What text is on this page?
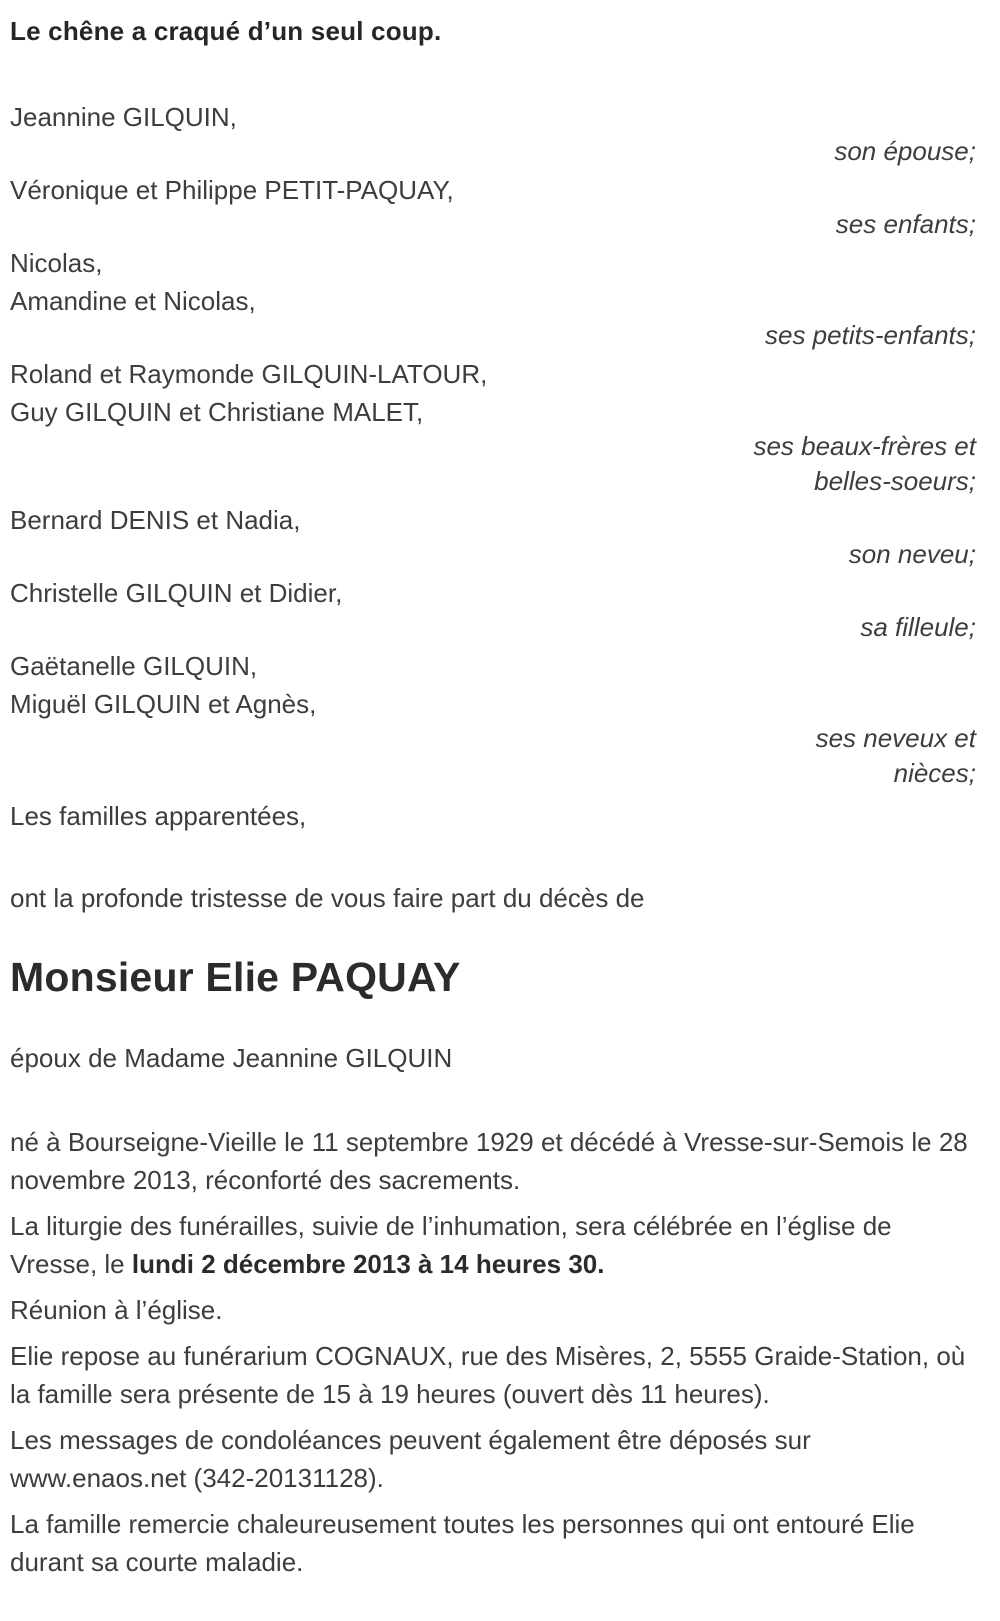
Le chêne a craqué d’un seul coup.

Jeannine GILQUIN,
son épouse;
Véronique et Philippe PETIT-PAQUAY,
ses enfants;
Nicolas,
Amandine et Nicolas,
ses petits-enfants;
Roland et Raymonde GILQUIN-LATOUR,
Guy GILQUIN et Christiane MALET,
ses beaux-frères et
belles-soeurs;
Bernard DENIS et Nadia,
son neveu;
Christelle GILQUIN et Didier,
sa filleule;
Gaëtanelle GILQUIN,
Miguël GILQUIN et Agnès,
ses neveux et
nièces;

Les familles apparentées,

ont la profonde tristesse de vous faire part du décès de

Monsieur Elie PAQUAY

époux de Madame Jeannine GILQUIN

né à Bourseigne-Vieille le 11 septembre 1929 et décédé à Vresse-sur-Semois le 28 novembre 2013, réconforté des sacrements.

La liturgie des funérailles, suivie de l’inhumation, sera célébrée en l’église de Vresse, le lundi 2 décembre 2013 à 14 heures 30.

Réunion à l’église.

Elie repose au funérarium COGNAUX, rue des Misères, 2, 5555 Graide-Station, où la famille sera présente de 15 à 19 heures (ouvert dès 11 heures).

Les messages de condoléances peuvent également être déposés sur www.enaos.net (342-20131128).

La famille remercie chaleureusement toutes les personnes qui ont entouré Elie durant sa courte maladie.
